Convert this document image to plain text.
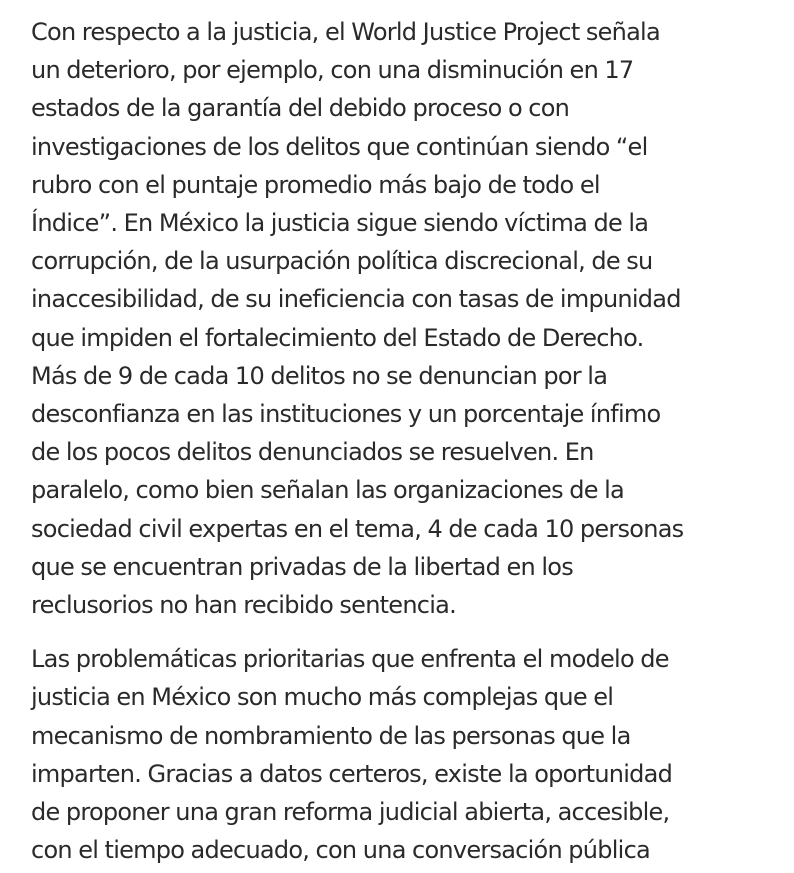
Con respecto a la justicia, el World Justice Project señala
un deterioro, por ejemplo, con una disminución en 17
estados de la garantía del debido proceso o con
investigaciones de los delitos que continúan siendo “el
rubro con el puntaje promedio más bajo de todo el
Índice”. En México la justicia sigue siendo víctima de la
corrupción, de la usurpación política discrecional, de su
inaccesibilidad, de su ineficiencia con tasas de impunidad
que impiden el fortalecimiento del Estado de Derecho.
Más de 9 de cada 10 delitos no se denuncian por la
desconfianza en las instituciones y un porcentaje ínfimo
de los pocos delitos denunciados se resuelven. En
paralelo, como bien señalan las organizaciones de la
sociedad civil expertas en el tema, 4 de cada 10 personas
que se encuentran privadas de la libertad en los
reclusorios no han recibido sentencia.

Las problemáticas prioritarias que enfrenta el modelo de
justicia en México son mucho más complejas que el
mecanismo de nombramiento de las personas que la
imparten. Gracias a datos certeros, existe la oportunidad
de proponer una gran reforma judicial abierta, accesible,
con el tiempo adecuado, con una conversación pública
